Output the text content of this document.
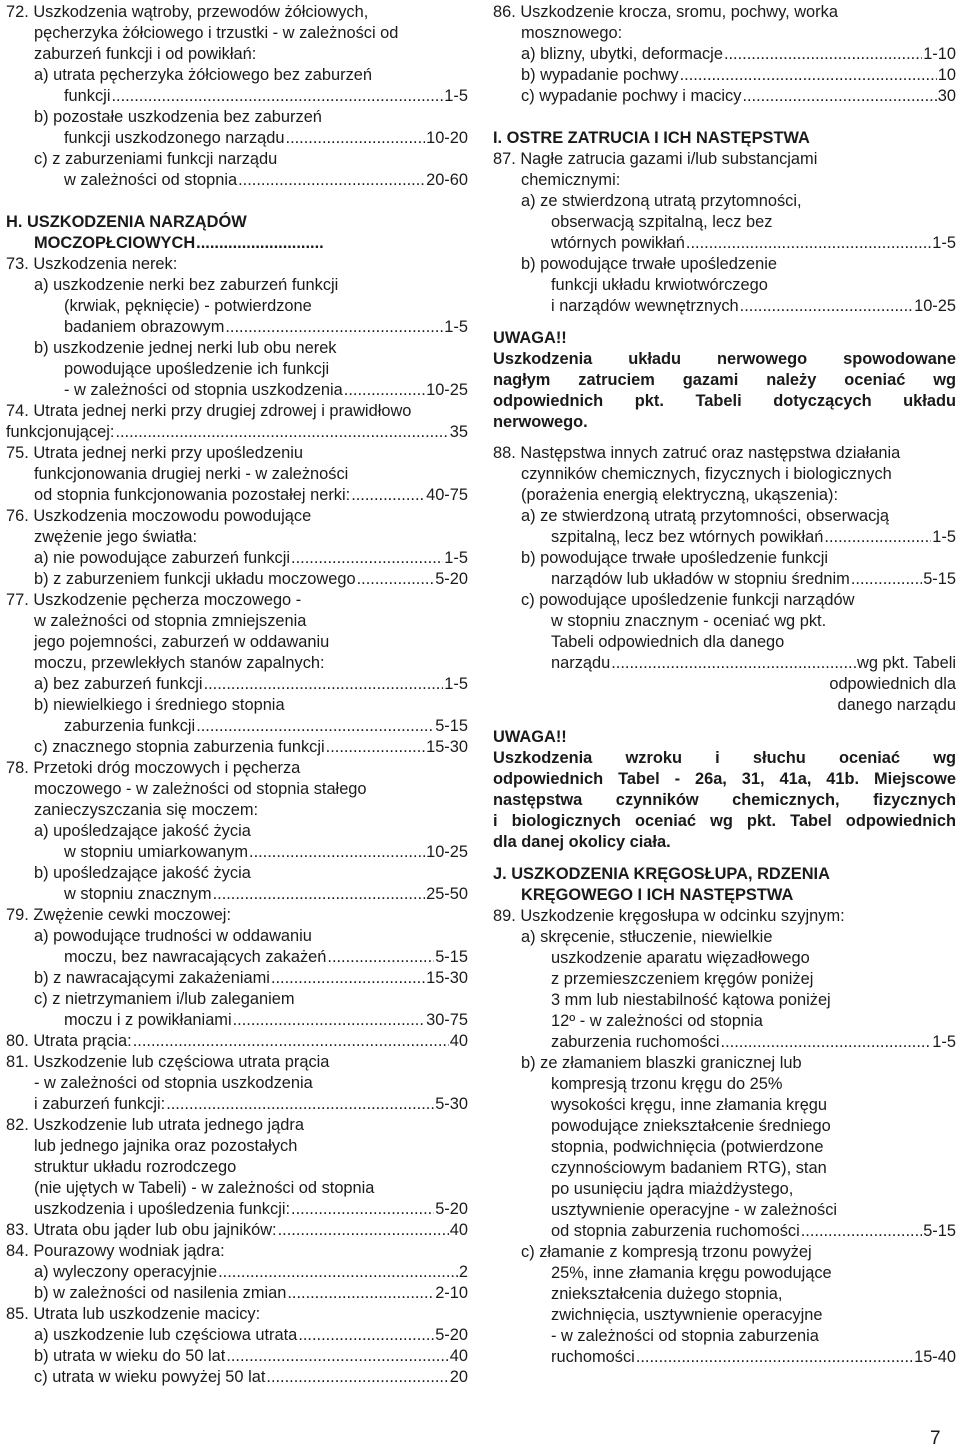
72. Uszkodzenia wątroby, przewodów żółciowych,
pęcherzyka żółciowego i trzustki - w zależności od
zaburzeń funkcji i od powikłań:
a) utrata pęcherzyka żółciowego bez zaburzeń
funkcji .....	1-5
b) pozostałe uszkodzenia bez zaburzeń
funkcji uszkodzonego narządu .....	10-20
c) z zaburzeniami funkcji narządu
w zależności od stopnia .....	20-60
H. USZKODZENIA NARZĄDÓW
MOCZOPŁCIOWYCH
.....
73. Uszkodzenia nerek:
a) uszkodzenie nerki bez zaburzeń funkcji
(krwiak, pęknięcie) - potwierdzone
badaniem obrazowym .....	1-5
b) uszkodzenie jednej nerki lub obu nerek
powodujące upośledzenie ich funkcji
- w zależności od stopnia uszkodzenia .....	10-25
74. Utrata jednej nerki przy drugiej zdrowej i prawidłowo
funkcjonującej: .....	35
75. Utrata jednej nerki przy upośledzeniu
funkcjonowania drugiej nerki - w zależności
od stopnia funkcjonowania pozostałej nerki: .....	40-75
76. Uszkodzenia moczowodu powodujące
zwężenie jego światła:
a) nie powodujące zaburzeń funkcji .....	1-5
b) z zaburzeniem funkcji układu moczowego .....	5-20
77. Uszkodzenie pęcherza moczowego -
w zależności od stopnia zmniejszenia
jego pojemności, zaburzeń w oddawaniu
moczu, przewlekłych stanów zapalnych:
a) bez zaburzeń funkcji .....	1-5
b) niewielkiego i średniego stopnia
zaburzenia funkcji .....	5-15
c) znacznego stopnia zaburzenia funkcji .....	15-30
78. Przetoki dróg moczowych i pęcherza
moczowego - w zależności od stopnia stałego
zanieczyszczania się moczem:
a) upośledzające jakość życia
w stopniu umiarkowanym .....	10-25
b) upośledzające jakość życia
w stopniu znacznym .....	25-50
79. Zwężenie cewki moczowej:
a) powodujące trudności w oddawaniu
moczu, bez nawracających zakażeń .....	5-15
b) z nawracającymi zakażeniami .....	15-30
c) z nietrzymaniem i/lub zaleganiem
moczu i z powikłaniami .....	30-75
80. Utrata prącia: .....	40
81. Uszkodzenie lub częściowa utrata prącia
- w zależności od stopnia uszkodzenia
i zaburzeń funkcji: .....	5-30
82. Uszkodzenie lub utrata jednego jądra
lub jednego jajnika oraz pozostałych
struktur układu rozrodczego
(nie ujętych w Tabeli) - w zależności od stopnia
uszkodzenia i upośledzenia funkcji: .....	5-20
83. Utrata obu jąder lub obu jajników: .....	40
84. Pourazowy wodniak jądra:
a) wyleczony operacyjnie .....	2
b) w zależności od nasilenia zmian .....	2-10
85. Utrata lub uszkodzenie macicy:
a) uszkodzenie lub częściowa utrata .....	5-20
b) utrata w wieku do 50 lat .....	40
c) utrata w wieku powyżej 50 lat .....	20
86. Uszkodzenie krocza, sromu, pochwy, worka
mosznowego:
a) blizny, ubytki, deformacje .....	1-10
b) wypadanie pochwy .....	10
c) wypadanie pochwy i macicy .....	30
I. OSTRE ZATRUCIA I ICH NASTĘPSTWA
87. Nagłe zatrucia gazami i/lub substancjami
chemicznymi:
a) ze stwierdzoną utratą przytomności,
obserwacją szpitalną, lecz bez
wtórnych powikłań .....	1-5
b) powodujące trwałe upośledzenie
funkcji układu krwiotwórczego
i narządów wewnętrznych .....	10-25
UWAGA!!
Uszkodzenia układu nerwowego spowodowane
nagłym zatruciem gazami należy oceniać wg
odpowiednich pkt. Tabeli dotyczących układu
nerwowego.
88. Następstwa innych zatruć oraz następstwa działania
czynników chemicznych, fizycznych i biologicznych
(porażenia energią elektryczną, ukąszenia):
a) ze stwierdzoną utratą przytomności, obserwacją
szpitalną, lecz bez wtórnych powikłań .....	1-5
b) powodujące trwałe upośledzenie funkcji
narządów lub układów w stopniu średnim .....	5-15
c) powodujące upośledzenie funkcji narządów
w stopniu znacznym - oceniać wg pkt.
Tabeli odpowiednich dla danego
narządu .....	wg pkt. Tabeli
odpowiednich dla
danego narządu
UWAGA!!
Uszkodzenia wzroku i słuchu oceniać wg
odpowiednich Tabel - 26a, 31, 41a, 41b. Miejscowe
następstwa czynników chemicznych, fizycznych
i biologicznych oceniać wg pkt. Tabel odpowiednich
dla danej okolicy ciała.
J. USZKODZENIA KRĘGOSŁUPA, RDZENIA
KRĘGOWEGO I ICH NASTĘPSTWA
89. Uszkodzenie kręgosłupa w odcinku szyjnym:
a) skręcenie, stłuczenie, niewielkie
uszkodzenie aparatu więzadłowego
z przemieszczeniem kręgów poniżej
3 mm lub niestabilność kątowa poniżej
12º - w zależności od stopnia
zaburzenia ruchomości .....	1-5
b) ze złamaniem blaszki granicznej lub
kompresją trzonu kręgu do 25%
wysokości kręgu, inne złamania kręgu
powodujące zniekształcenie średniego
stopnia, podwichnięcia (potwierdzone
czynnościowym badaniem RTG), stan
po usunięciu jądra miażdżystego,
usztywnienie operacyjne - w zależności
od stopnia zaburzenia ruchomości .....	5-15
c) złamanie z kompresją trzonu powyżej
25%, inne złamania kręgu powodujące
zniekształcenia dużego stopnia,
zwichnięcia, usztywnienie operacyjne
- w zależności od stopnia zaburzenia
ruchomości .....	15-40
7
